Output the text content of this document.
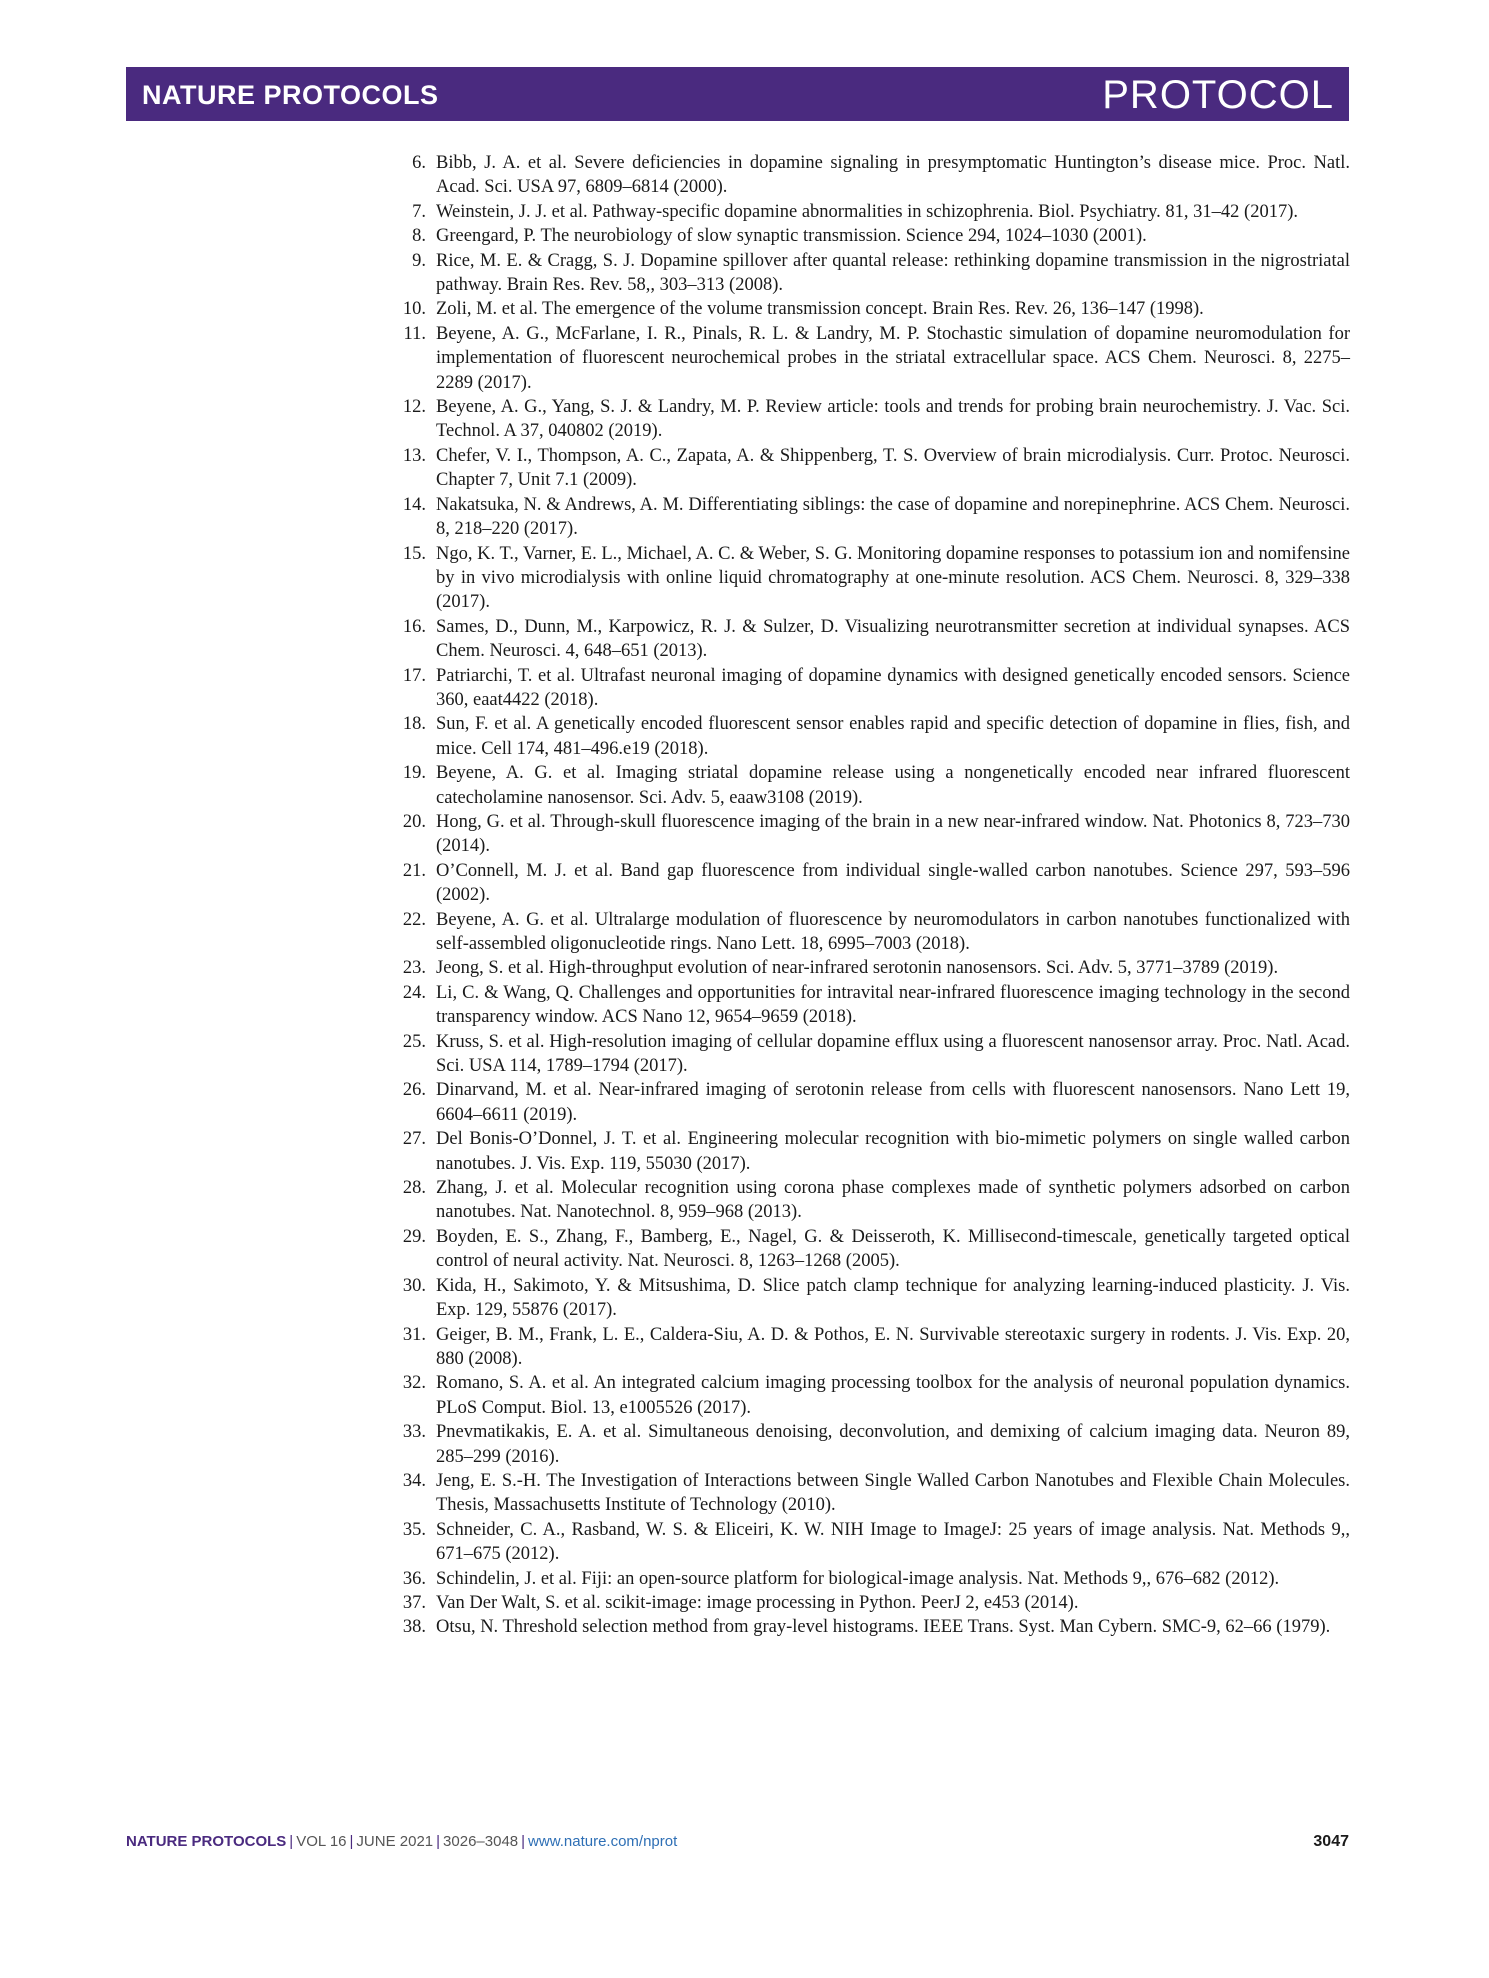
NATURE PROTOCOLS	PROTOCOL
6. Bibb, J. A. et al. Severe deficiencies in dopamine signaling in presymptomatic Huntington’s disease mice. Proc. Natl. Acad. Sci. USA 97, 6809–6814 (2000).
7. Weinstein, J. J. et al. Pathway-specific dopamine abnormalities in schizophrenia. Biol. Psychiatry. 81, 31–42 (2017).
8. Greengard, P. The neurobiology of slow synaptic transmission. Science 294, 1024–1030 (2001).
9. Rice, M. E. & Cragg, S. J. Dopamine spillover after quantal release: rethinking dopamine transmission in the nigrostriatal pathway. Brain Res. Rev. 58,, 303–313 (2008).
10. Zoli, M. et al. The emergence of the volume transmission concept. Brain Res. Rev. 26, 136–147 (1998).
11. Beyene, A. G., McFarlane, I. R., Pinals, R. L. & Landry, M. P. Stochastic simulation of dopamine neuromodulation for implementation of fluorescent neurochemical probes in the striatal extracellular space. ACS Chem. Neurosci. 8, 2275–2289 (2017).
12. Beyene, A. G., Yang, S. J. & Landry, M. P. Review article: tools and trends for probing brain neurochemistry. J. Vac. Sci. Technol. A 37, 040802 (2019).
13. Chefer, V. I., Thompson, A. C., Zapata, A. & Shippenberg, T. S. Overview of brain microdialysis. Curr. Protoc. Neurosci. Chapter 7, Unit 7.1 (2009).
14. Nakatsuka, N. & Andrews, A. M. Differentiating siblings: the case of dopamine and norepinephrine. ACS Chem. Neurosci. 8, 218–220 (2017).
15. Ngo, K. T., Varner, E. L., Michael, A. C. & Weber, S. G. Monitoring dopamine responses to potassium ion and nomifensine by in vivo microdialysis with online liquid chromatography at one-minute resolution. ACS Chem. Neurosci. 8, 329–338 (2017).
16. Sames, D., Dunn, M., Karpowicz, R. J. & Sulzer, D. Visualizing neurotransmitter secretion at individual synapses. ACS Chem. Neurosci. 4, 648–651 (2013).
17. Patriarchi, T. et al. Ultrafast neuronal imaging of dopamine dynamics with designed genetically encoded sensors. Science 360, eaat4422 (2018).
18. Sun, F. et al. A genetically encoded fluorescent sensor enables rapid and specific detection of dopamine in flies, fish, and mice. Cell 174, 481–496.e19 (2018).
19. Beyene, A. G. et al. Imaging striatal dopamine release using a nongenetically encoded near infrared fluorescent catecholamine nanosensor. Sci. Adv. 5, eaaw3108 (2019).
20. Hong, G. et al. Through-skull fluorescence imaging of the brain in a new near-infrared window. Nat. Photonics 8, 723–730 (2014).
21. O’Connell, M. J. et al. Band gap fluorescence from individual single-walled carbon nanotubes. Science 297, 593–596 (2002).
22. Beyene, A. G. et al. Ultralarge modulation of fluorescence by neuromodulators in carbon nanotubes functionalized with self-assembled oligonucleotide rings. Nano Lett. 18, 6995–7003 (2018).
23. Jeong, S. et al. High-throughput evolution of near-infrared serotonin nanosensors. Sci. Adv. 5, 3771–3789 (2019).
24. Li, C. & Wang, Q. Challenges and opportunities for intravital near-infrared fluorescence imaging technology in the second transparency window. ACS Nano 12, 9654–9659 (2018).
25. Kruss, S. et al. High-resolution imaging of cellular dopamine efflux using a fluorescent nanosensor array. Proc. Natl. Acad. Sci. USA 114, 1789–1794 (2017).
26. Dinarvand, M. et al. Near-infrared imaging of serotonin release from cells with fluorescent nanosensors. Nano Lett 19, 6604–6611 (2019).
27. Del Bonis-O’Donnel, J. T. et al. Engineering molecular recognition with bio-mimetic polymers on single walled carbon nanotubes. J. Vis. Exp. 119, 55030 (2017).
28. Zhang, J. et al. Molecular recognition using corona phase complexes made of synthetic polymers adsorbed on carbon nanotubes. Nat. Nanotechnol. 8, 959–968 (2013).
29. Boyden, E. S., Zhang, F., Bamberg, E., Nagel, G. & Deisseroth, K. Millisecond-timescale, genetically targeted optical control of neural activity. Nat. Neurosci. 8, 1263–1268 (2005).
30. Kida, H., Sakimoto, Y. & Mitsushima, D. Slice patch clamp technique for analyzing learning-induced plasticity. J. Vis. Exp. 129, 55876 (2017).
31. Geiger, B. M., Frank, L. E., Caldera-Siu, A. D. & Pothos, E. N. Survivable stereotaxic surgery in rodents. J. Vis. Exp. 20, 880 (2008).
32. Romano, S. A. et al. An integrated calcium imaging processing toolbox for the analysis of neuronal population dynamics. PLoS Comput. Biol. 13, e1005526 (2017).
33. Pnevmatikakis, E. A. et al. Simultaneous denoising, deconvolution, and demixing of calcium imaging data. Neuron 89, 285–299 (2016).
34. Jeng, E. S.-H. The Investigation of Interactions between Single Walled Carbon Nanotubes and Flexible Chain Molecules. Thesis, Massachusetts Institute of Technology (2010).
35. Schneider, C. A., Rasband, W. S. & Eliceiri, K. W. NIH Image to ImageJ: 25 years of image analysis. Nat. Methods 9,, 671–675 (2012).
36. Schindelin, J. et al. Fiji: an open-source platform for biological-image analysis. Nat. Methods 9,, 676–682 (2012).
37. Van Der Walt, S. et al. scikit-image: image processing in Python. PeerJ 2, e453 (2014).
38. Otsu, N. Threshold selection method from gray-level histograms. IEEE Trans. Syst. Man Cybern. SMC-9, 62–66 (1979).
NATURE PROTOCOLS | VOL 16 | JUNE 2021 | 3026–3048 | www.nature.com/nprot	3047
